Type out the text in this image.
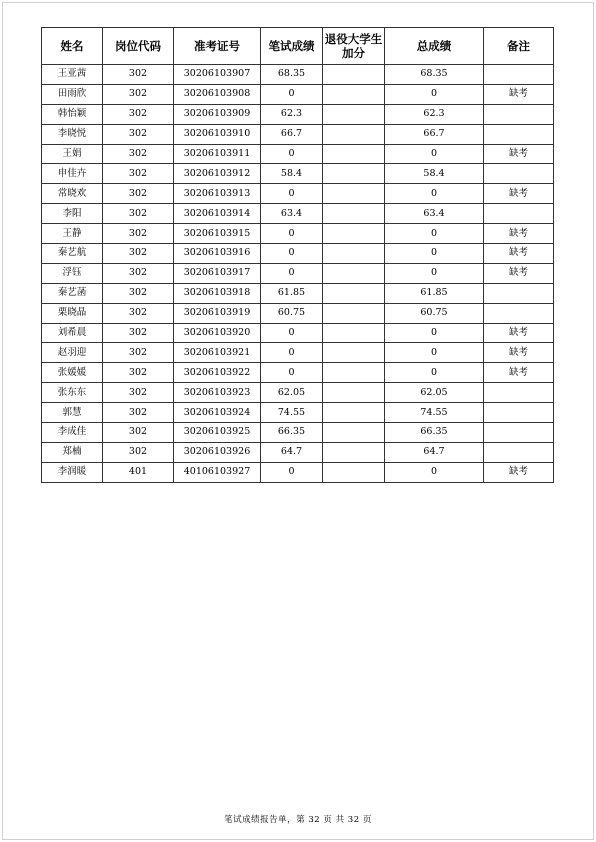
姓名	岗位代码	准考证号	笔试成绩	退役大学生加分	总成绩	备注
王亚茜	302	30206103907	68.35		68.35	
田雨欣	302	30206103908	0		0	缺考
韩怡颖	302	30206103909	62.3		62.3	
李晓悦	302	30206103910	66.7		66.7	
王娟	302	30206103911	0		0	缺考
申佳卉	302	30206103912	58.4		58.4	
常晓欢	302	30206103913	0		0	缺考
李阳	302	30206103914	63.4		63.4	
王静	302	30206103915	0		0	缺考
秦艺航	302	30206103916	0		0	缺考
浮钰	302	30206103917	0		0	缺考
秦艺菡	302	30206103918	61.85		61.85	
栗晓晶	302	30206103919	60.75		60.75	
刘希晨	302	30206103920	0		0	缺考
赵羽迎	302	30206103921	0		0	缺考
张媛媛	302	30206103922	0		0	缺考
张东东	302	30206103923	62.05		62.05	
郭慧	302	30206103924	74.55		74.55	
李成佳	302	30206103925	66.35		66.35	
郑楠	302	30206103926	64.7		64.7	
李润暖	401	40106103927	0		0	缺考
笔试成绩报告单，第 32 页 共 32 页
